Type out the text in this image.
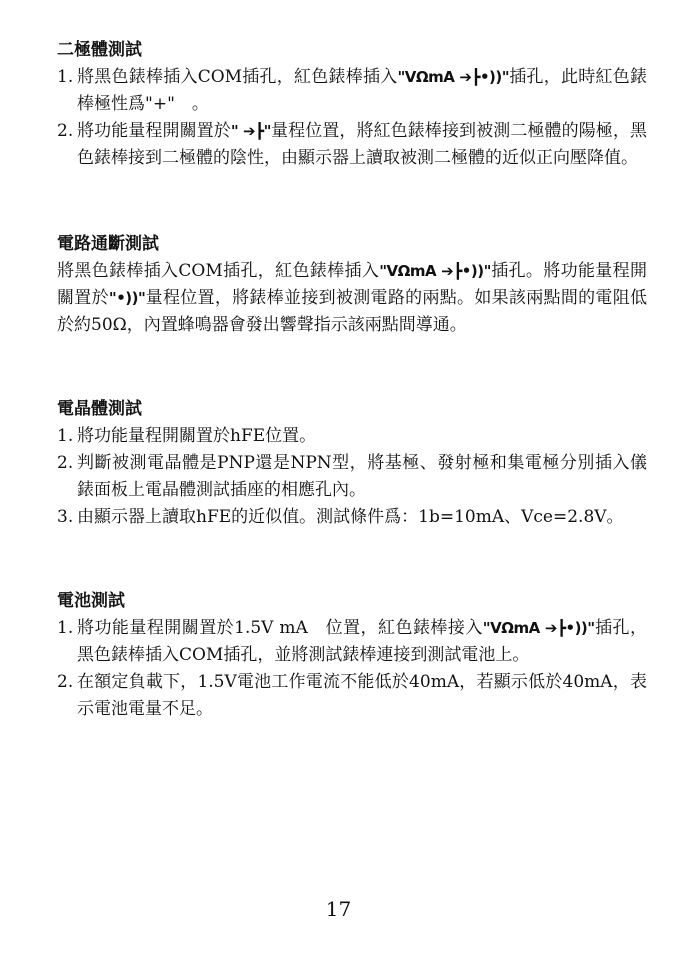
二極體測試
1. 將黑色錶棒插入COM插孔，紅色錶棒插入"VΩmA ➔┣•))"插孔，此時紅色錶棒極性爲"+"　。
2. 將功能量程開關置於" ➔┣"量程位置，將紅色錶棒接到被測二極體的陽極，黑色錶棒接到二極體的陰性，由顯示器上讀取被測二極體的近似正向壓降值。
電路通斷測試
將黑色錶棒插入COM插孔，紅色錶棒插入"VΩmA ➔┣•))"插孔。將功能量程開關置於"•))"量程位置，將錶棒並接到被測電路的兩點。如果該兩點間的電阻低於約50Ω，內置蜂鳴器會發出響聲指示該兩點間導通。
電晶體測試
1. 將功能量程開關置於hFE位置。
2. 判斷被測電晶體是PNP還是NPN型，將基極、發射極和集電極分別插入儀錶面板上電晶體測試插座的相應孔內。
3. 由顯示器上讀取hFE的近似值。測試條件爲：1b=10mA、Vce=2.8V。
電池測試
1. 將功能量程開關置於1.5V mA　位置，紅色錶棒接入"VΩmA ➔┣•))"插孔，黑色錶棒插入COM插孔，並將測試錶棒連接到測試電池上。
2. 在額定負載下，1.5V電池工作電流不能低於40mA，若顯示低於40mA，表示電池電量不足。
17
